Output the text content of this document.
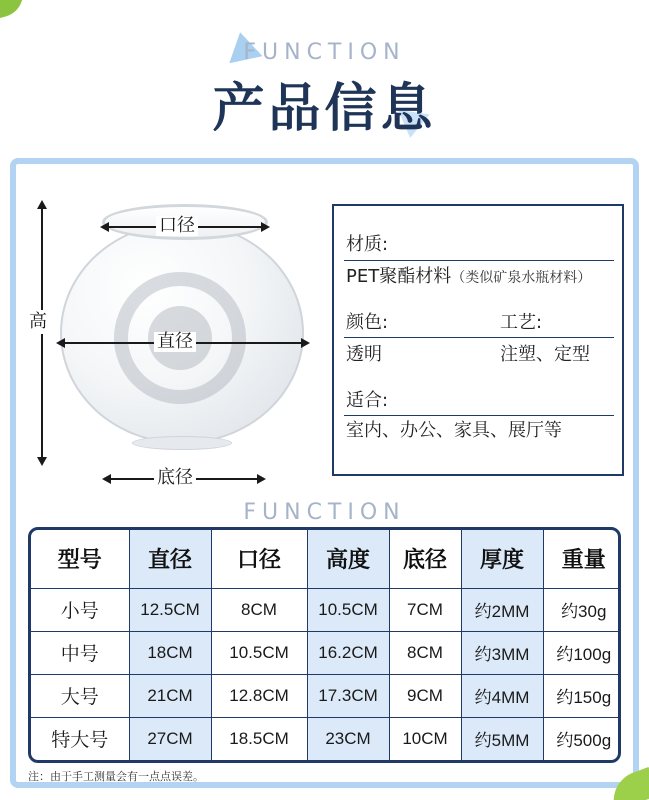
FUNCTION
产品信息
口径
直径
底径
高
材质:
PET聚酯材料（类似矿泉水瓶材料）
颜色:	工艺:
透明	注塑、定型
适合:
室内、办公、家具、展厅等
FUNCTION
型号	直径	口径	高度	底径	厚度	重量
小号	12.5CM	8CM	10.5CM	7CM	约2MM	约30g
中号	18CM	10.5CM	16.2CM	8CM	约3MM	约100g
大号	21CM	12.8CM	17.3CM	9CM	约4MM	约150g
特大号	27CM	18.5CM	23CM	10CM	约5MM	约500g
注：由于手工测量会有一点点误差。
